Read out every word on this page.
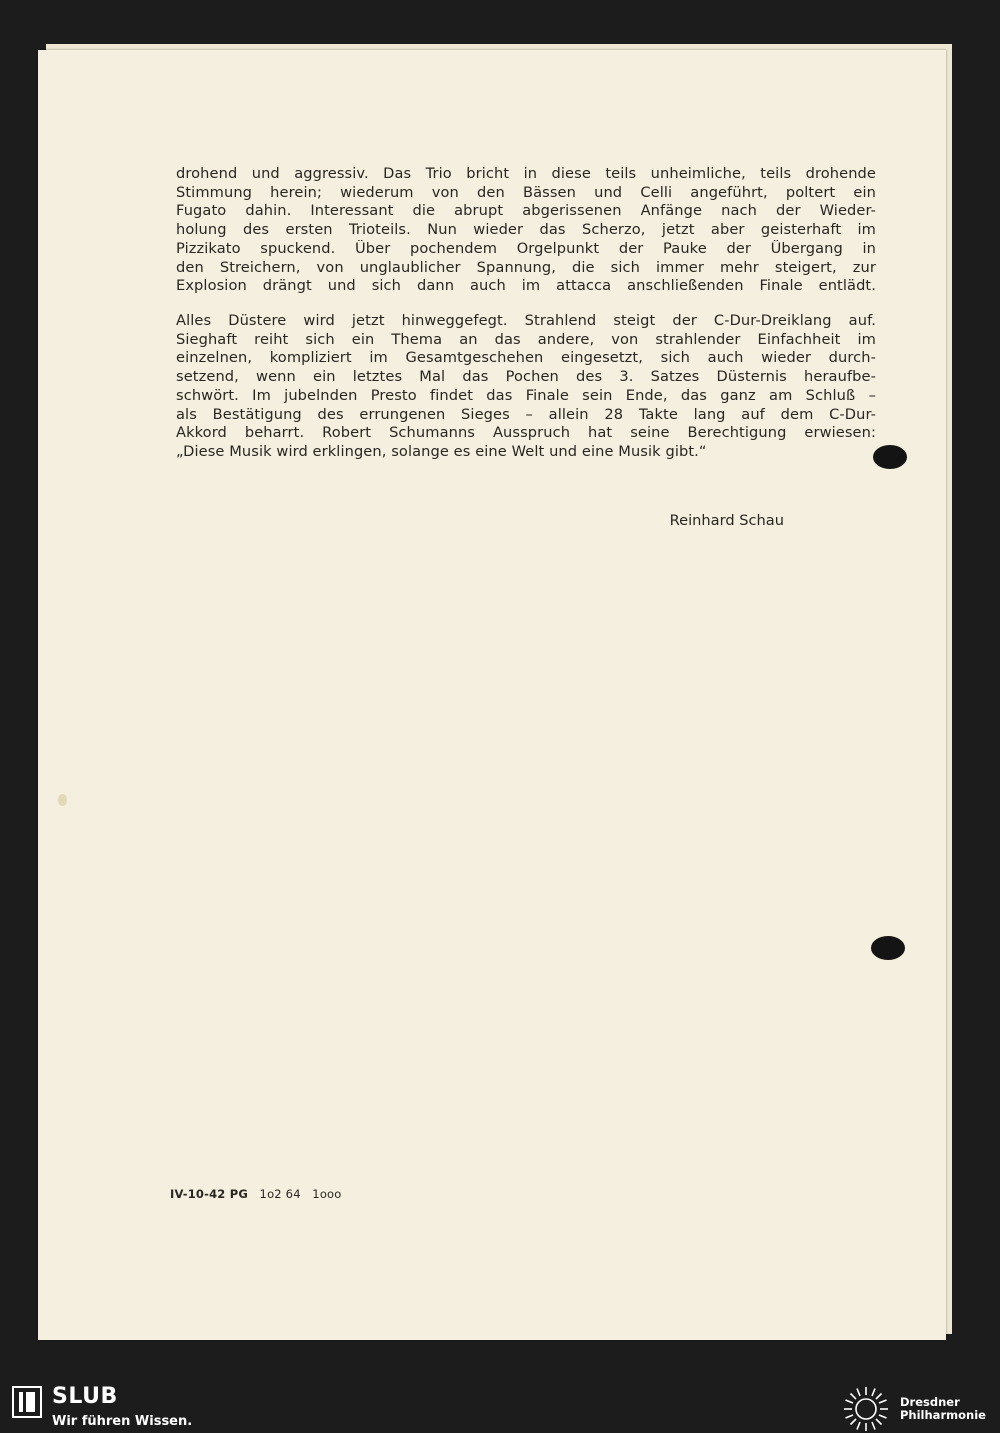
drohend und aggressiv. Das Trio bricht in diese teils unheimliche, teils drohende
Stimmung herein; wiederum von den Bässen und Celli angeführt, poltert ein
Fugato dahin. Interessant die abrupt abgerissenen Anfänge nach der Wieder-
holung des ersten Trioteils. Nun wieder das Scherzo, jetzt aber geisterhaft im
Pizzikato spuckend. Über pochendem Orgelpunkt der Pauke der Übergang in
den Streichern, von unglaublicher Spannung, die sich immer mehr steigert, zur
Explosion drängt und sich dann auch im attacca anschließenden Finale entlädt.
Alles Düstere wird jetzt hinweggefegt. Strahlend steigt der C-Dur-Dreiklang auf.
Sieghaft reiht sich ein Thema an das andere, von strahlender Einfachheit im
einzelnen, kompliziert im Gesamtgeschehen eingesetzt, sich auch wieder durch-
setzend, wenn ein letztes Mal das Pochen des 3. Satzes Düsternis heraufbe-
schwört. Im jubelnden Presto findet das Finale sein Ende, das ganz am Schluß –
als Bestätigung des errungenen Sieges – allein 28 Takte lang auf dem C-Dur-
Akkord beharrt. Robert Schumanns Ausspruch hat seine Berechtigung erwiesen:
„Diese Musik wird erklingen, solange es eine Welt und eine Musik gibt.“
Reinhard Schau
IV-10-42 PG 1o2 64 1ooo
SLUB
Wir führen Wissen.
Dresdner
Philharmonie
